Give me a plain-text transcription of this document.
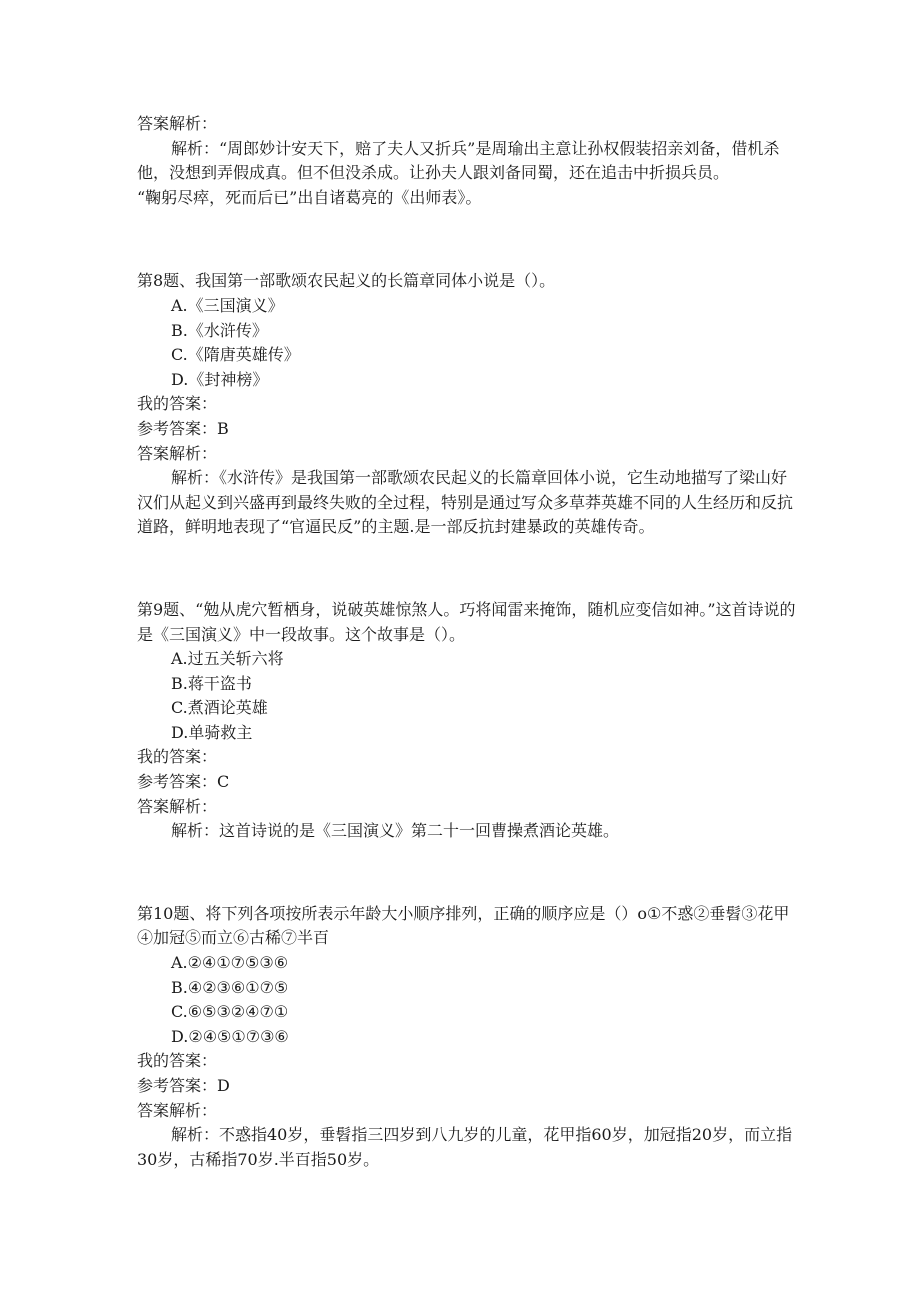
答案解析：
解析：“周郎妙计安天下，赔了夫人又折兵”是周瑜出主意让孙权假装招亲刘备，借机杀他，没想到弄假成真。但不但没杀成。让孙夫人跟刘备同蜀，还在追击中折损兵员。
“鞠躬尽瘁，死而后已”出自诸葛亮的《出师表》。
第8题、我国第一部歌颂农民起义的长篇章同体小说是（）。
A.《三国演义》
B.《水浒传》
C.《隋唐英雄传》
D.《封神榜》
我的答案：
参考答案：B
答案解析：
解析：《水浒传》是我国第一部歌颂农民起义的长篇章回体小说，它生动地描写了梁山好汉们从起义到兴盛再到最终失败的全过程，特别是通过写众多草莽英雄不同的人生经历和反抗道路，鲜明地表现了“官逼民反”的主题.是一部反抗封建暴政的英雄传奇。
第9题、“勉从虎穴暂栖身，说破英雄惊煞人。巧将闻雷来掩饰，随机应变信如神。”这首诗说的是《三国演义》中一段故事。这个故事是（）。
A.过五关斩六将
B.蒋干盗书
C.煮酒论英雄
D.单骑救主
我的答案：
参考答案：C
答案解析：
解析：这首诗说的是《三国演义》第二十一回曹操煮酒论英雄。
第10题、将下列各项按所表示年龄大小顺序排列，正确的顺序应是（）o①不惑②垂髫③花甲④加冠⑤而立⑥古稀⑦半百
A.②④①⑦⑤③⑥
B.④②③⑥①⑦⑤
C.⑥⑤③②④⑦①
D.②④⑤①⑦③⑥
我的答案：
参考答案：D
答案解析：
解析：不惑指40岁，垂髫指三四岁到八九岁的儿童，花甲指60岁，加冠指20岁，而立指30岁，古稀指70岁.半百指50岁。
